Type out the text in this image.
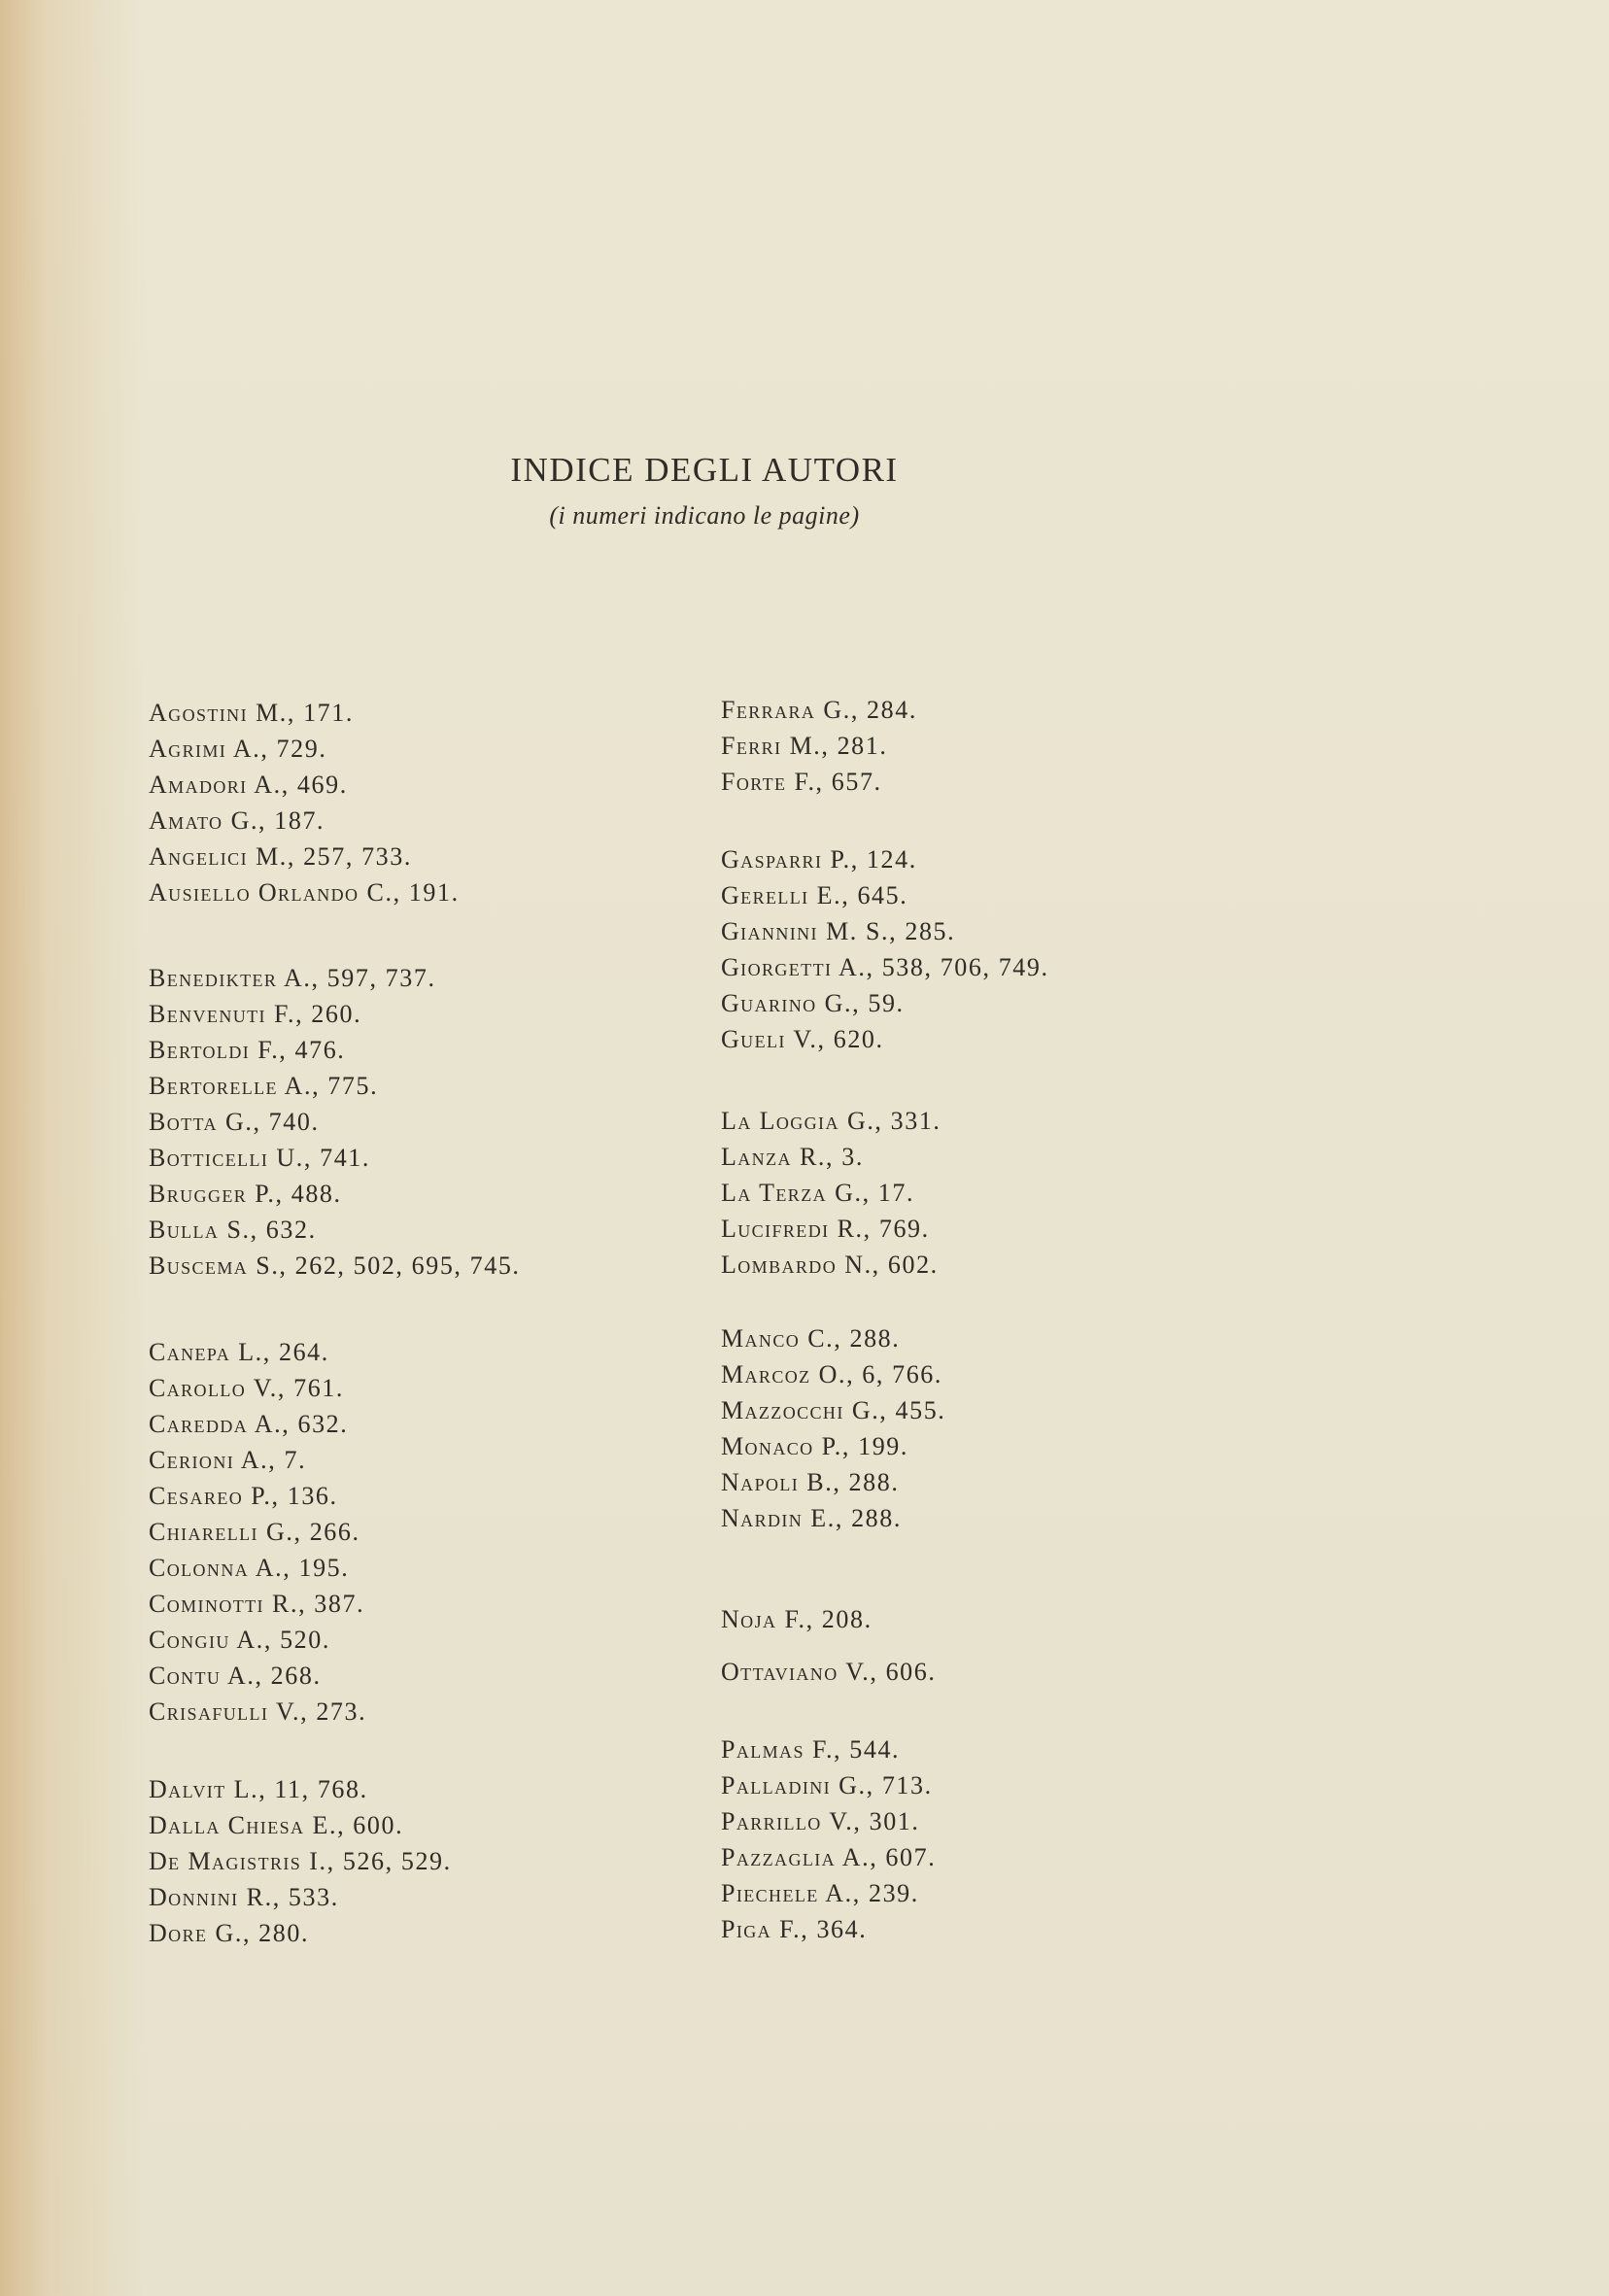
INDICE DEGLI AUTORI
(i numeri indicano le pagine)
Agostini M., 171.
Agrimi A., 729.
Amadori A., 469.
Amato G., 187.
Angelici M., 257, 733.
Ausiello Orlando C., 191.
Benedikter A., 597, 737.
Benvenuti F., 260.
Bertoldi F., 476.
Bertorelle A., 775.
Botta G., 740.
Botticelli U., 741.
Brugger P., 488.
Bulla S., 632.
Buscema S., 262, 502, 695, 745.
Canepa L., 264.
Carollo V., 761.
Caredda A., 632.
Cerioni A., 7.
Cesareo P., 136.
Chiarelli G., 266.
Colonna A., 195.
Cominotti R., 387.
Congiu A., 520.
Contu A., 268.
Crisafulli V., 273.
Dalvit L., 11, 768.
Dalla Chiesa E., 600.
De Magistris I., 526, 529.
Donnini R., 533.
Dore G., 280.
Ferrara G., 284.
Ferri M., 281.
Forte F., 657.
Gasparri P., 124.
Gerelli E., 645.
Giannini M. S., 285.
Giorgetti A., 538, 706, 749.
Guarino G., 59.
Gueli V., 620.
La Loggia G., 331.
Lanza R., 3.
La Terza G., 17.
Lucifredi R., 769.
Lombardo N., 602.
Manco C., 288.
Marcoz O., 6, 766.
Mazzocchi G., 455.
Monaco P., 199.
Napoli B., 288.
Nardin E., 288.
Noja F., 208.
Ottaviano V., 606.
Palmas F., 544.
Palladini G., 713.
Parrillo V., 301.
Pazzaglia A., 607.
Piechele A., 239.
Piga F., 364.
